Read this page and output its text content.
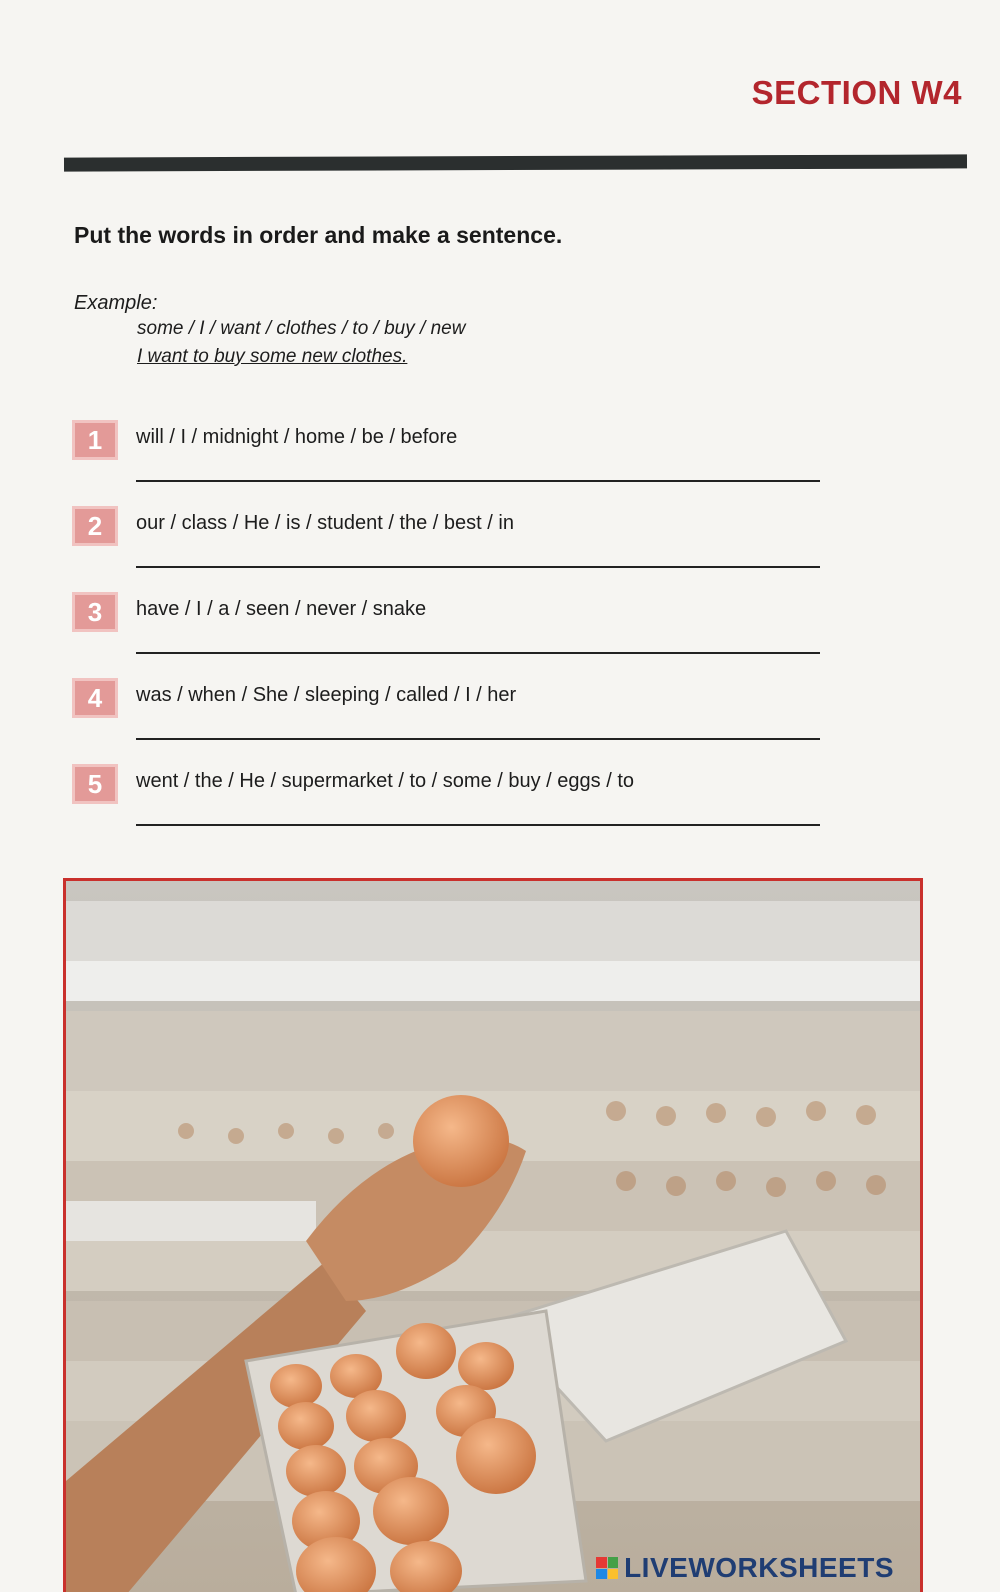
SECTION W4
Put the words in order and make a sentence.
Example:
some / I / want / clothes / to / buy / new
I want to buy some new clothes.
1	will / I / midnight / home / be / before
2	our / class / He / is / student / the / best / in
3	have / I / a / seen / never / snake
4	was / when / She / sleeping / called / I / her
5	went / the / He / supermarket / to / some / buy / eggs / to
LIVEWORKSHEETS
